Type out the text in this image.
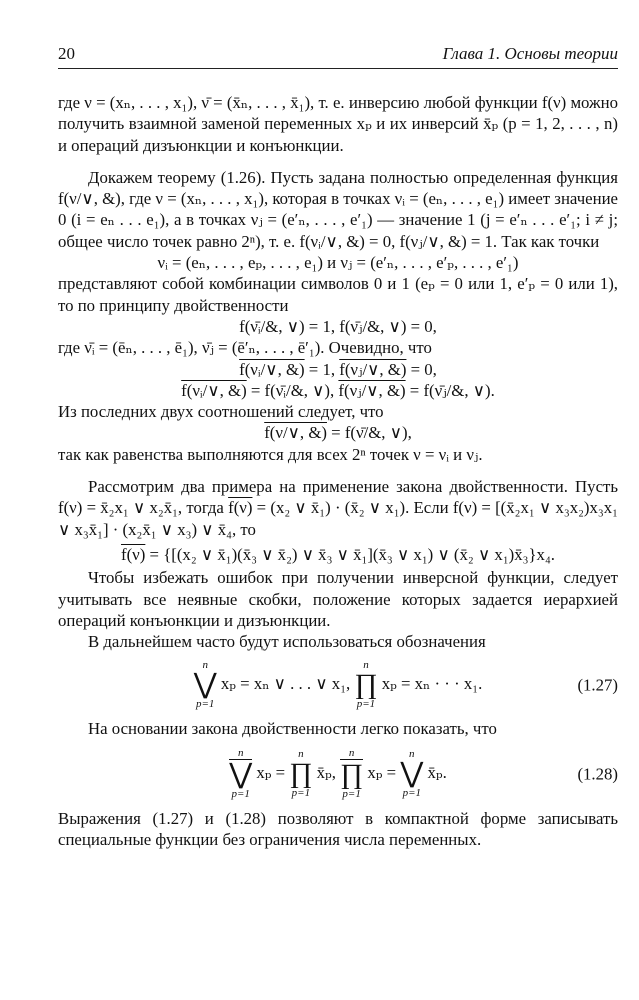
20	Глава 1. Основы теории

где ν = (xₙ, . . . , x₁), ν̄ = (x̄ₙ, . . . , x̄₁), т. е. инверсию любой функции f(ν) можно получить взаимной заменой переменных xₚ и их инверсий x̄ₚ (p = 1, 2, . . . , n) и операций дизъюнкции и конъюнкции.

Докажем теорему (1.26). Пусть задана полностью определенная функция f(ν/∨, &), где ν = (xₙ, . . . , x₁), которая в точках νᵢ = (eₙ, . . . , e₁) имеет значение 0 (i = eₙ . . . e₁), а в точках νⱼ = (e′ₙ, . . . , e′₁) — значение 1 (j = e′ₙ . . . e′₁; i ≠ j; общее число точек равно 2ⁿ), т. е. f(νᵢ/∨, &) = 0, f(νⱼ/∨, &) = 1. Так как точки

νᵢ = (eₙ, . . . , eₚ, . . . , e₁) и νⱼ = (e′ₙ, . . . , e′ₚ, . . . , e′₁)

представляют собой комбинации символов 0 и 1 (eₚ = 0 или 1, e′ₚ = 0 или 1), то по принципу двойственности

f(ν̄ᵢ/&, ∨) = 1, f(ν̄ⱼ/&, ∨) = 0,

где ν̄ᵢ = (ēₙ, . . . , ē₁), ν̄ⱼ = (ē′ₙ, . . . , ē′₁). Очевидно, что

f(νᵢ/∨, &) = 1, f(νⱼ/∨, &) = 0,

f(νᵢ/∨, &) = f(ν̄ᵢ/&, ∨), f(νⱼ/∨, &) = f(ν̄ⱼ/&, ∨).

Из последних двух соотношений следует, что

f(ν/∨, &) = f(ν̄/&, ∨),

так как равенства выполняются для всех 2ⁿ точек ν = νᵢ и νⱼ.

Рассмотрим два примера на применение закона двойственности. Пусть f(ν) = x̄₂x₁ ∨ x₂x̄₁, тогда f(ν) = (x₂ ∨ x̄₁) · (x̄₂ ∨ x₁). Если f(ν) = [(x̄₂x₁ ∨ x₃x₂)x₃x₁ ∨ x₃x̄₁] · (x₂x̄₁ ∨ x₃) ∨ x̄₄, то

f(ν) = {[(x₂ ∨ x̄₁)(x̄₃ ∨ x̄₂) ∨ x̄₃ ∨ x̄₁](x̄₃ ∨ x₁) ∨ (x̄₂ ∨ x₁)x̄₃}x₄.

Чтобы избежать ошибок при получении инверсной функции, следует учитывать все неявные скобки, положение которых задается иерархией операций конъюнкции и дизъюнкции.

В дальнейшем часто будут использоваться обозначения

n
⋁
p=1
xₚ = xₙ ∨ . . . ∨ x₁,
n
∏
p=1
xₚ = xₙ · · · x₁.	(1.27)

На основании закона двойственности легко показать, что

n
⋁
p=1
xₚ =
n
∏
p=1
x̄ₚ,
n
∏
p=1
xₚ =
n
⋁
p=1
x̄ₚ.	(1.28)

Выражения (1.27) и (1.28) позволяют в компактной форме записывать специальные функции без ограничения числа переменных.
